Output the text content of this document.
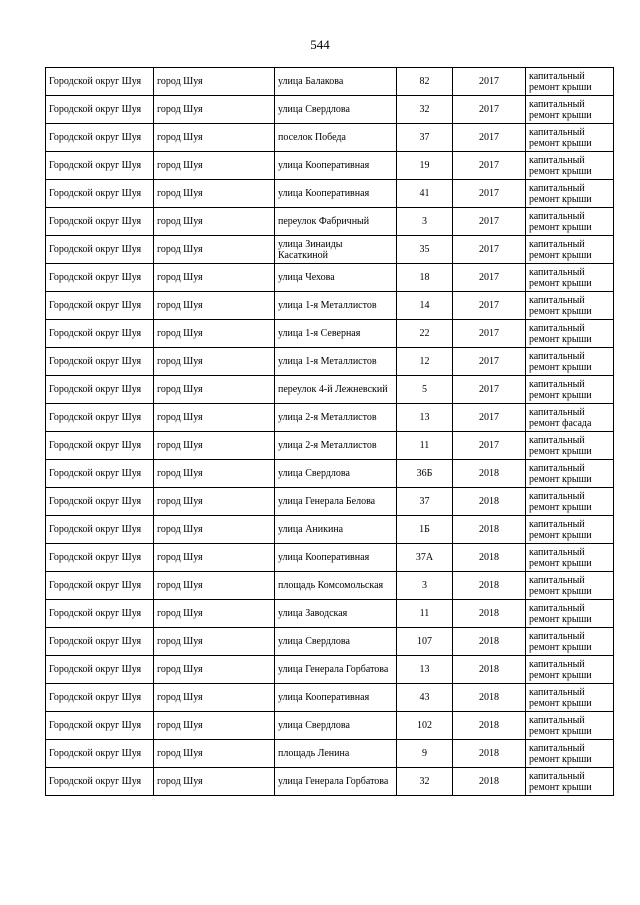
544
Городской округ Шуя	город Шуя	улица Балакова	82	2017	капитальный ремонт крыши
Городской округ Шуя	город Шуя	улица Свердлова	32	2017	капитальный ремонт крыши
Городской округ Шуя	город Шуя	поселок Победа	37	2017	капитальный ремонт крыши
Городской округ Шуя	город Шуя	улица Кооперативная	19	2017	капитальный ремонт крыши
Городской округ Шуя	город Шуя	улица Кооперативная	41	2017	капитальный ремонт крыши
Городской округ Шуя	город Шуя	переулок Фабричный	3	2017	капитальный ремонт крыши
Городской округ Шуя	город Шуя	улица Зинаиды Касаткиной	35	2017	капитальный ремонт крыши
Городской округ Шуя	город Шуя	улица Чехова	18	2017	капитальный ремонт крыши
Городской округ Шуя	город Шуя	улица 1-я Металлистов	14	2017	капитальный ремонт крыши
Городской округ Шуя	город Шуя	улица 1-я Северная	22	2017	капитальный ремонт крыши
Городской округ Шуя	город Шуя	улица 1-я Металлистов	12	2017	капитальный ремонт крыши
Городской округ Шуя	город Шуя	переулок 4-й Лежневский	5	2017	капитальный ремонт крыши
Городской округ Шуя	город Шуя	улица 2-я Металлистов	13	2017	капитальный ремонт фасада
Городской округ Шуя	город Шуя	улица 2-я Металлистов	11	2017	капитальный ремонт крыши
Городской округ Шуя	город Шуя	улица Свердлова	36Б	2018	капитальный ремонт крыши
Городской округ Шуя	город Шуя	улица Генерала Белова	37	2018	капитальный ремонт крыши
Городской округ Шуя	город Шуя	улица Аникина	1Б	2018	капитальный ремонт крыши
Городской округ Шуя	город Шуя	улица Кооперативная	37А	2018	капитальный ремонт крыши
Городской округ Шуя	город Шуя	площадь Комсомольская	3	2018	капитальный ремонт крыши
Городской округ Шуя	город Шуя	улица Заводская	11	2018	капитальный ремонт крыши
Городской округ Шуя	город Шуя	улица Свердлова	107	2018	капитальный ремонт крыши
Городской округ Шуя	город Шуя	улица Генерала Горбатова	13	2018	капитальный ремонт крыши
Городской округ Шуя	город Шуя	улица Кооперативная	43	2018	капитальный ремонт крыши
Городской округ Шуя	город Шуя	улица Свердлова	102	2018	капитальный ремонт крыши
Городской округ Шуя	город Шуя	площадь Ленина	9	2018	капитальный ремонт крыши
Городской округ Шуя	город Шуя	улица Генерала Горбатова	32	2018	капитальный ремонт крыши
